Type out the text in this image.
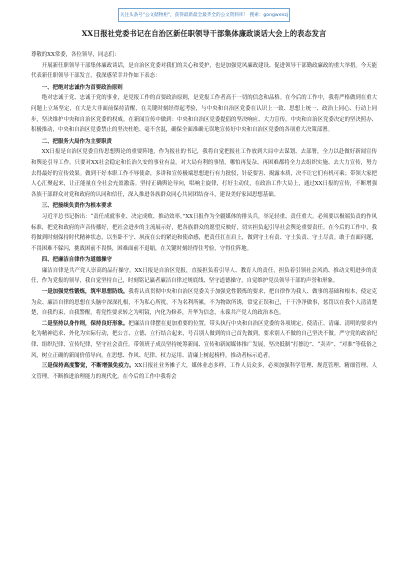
关注头条号"公文储物柜"，获得最新最全最齐全的公文资料库！ 搜索：gongwenzj
XX日报社党委书记在自治区新任职领导干部集体廉政谈话大会上的表态发言

尊敬的XX常委，各位领导，同志们：

开展新任职领导干部集体廉政谈话，是自治区党委对我们的关心和爱护，也是加强党风廉政建设、促进领导干部勤政廉政的重大举措。今天能代表新任职领导干部发言，我深感荣幸并作如下表态：

一、把绝对忠诚作为首要政治原则

绝对忠诚于党、忠诚于党的事业，是党报工作的首要政治原则，是党报工作者高于一切的信念和品格。在今后的工作中，我将严格做到在重大问题上立场坚定，在大是大非面前保持清醒，在关键时刻经得起考验，与中央和自治区党委在认识上一致、思想上统一、政治上同心、行动上同步，坚决维护中央和自治区党委的权威。在新闻宣传中做到：中央和自治区党委提倡的坚决响应、大力宣传，中央和自治区党委决定的坚决照办、积极推动，中央和自治区党委禁止的坚决杜绝、毫不含混，确保全面准确无误地宣传好中央和自治区党委的各项重大决策部署。

二、把服务大局作为主要职责

XX日报是自治区党委宣传思想舆论的重要阵地，作为报社的书记，我将自觉把报社工作放到大局中去谋划、去部署，全力以赴做好新闻宣传和舆论引导工作。只要对XX社会稳定和长治久安的事业有益，对大局有利的事情，哪怕再复杂、再困难都将全力去组织实施、去大力宣传，努力去得最好的宣传效果。做到干好本职工作不辱使命，多讲和宣传极端思想进行有力批驳，针砭要害、揭露本质，决不让它们有机可乘；带领大家把人心汇聚起来，让正能量在全社会充盈激荡。坚持正确舆论导向，唱响主旋律，打好主动仗，在政治工作大局上，通过XX日报的宣传，不断增强各族干部群众对党和政府的认同和信任，深入推进各族群众同心共同团结奋斗，建设美好家园思想基础。

三、把接续负责作为根本要求

习近平总书记指出：“责任成就事业、决定成败、推动效率。”XX日报作为全疆媒体的排头兵，举足轻重、责任重大。必须要以极端负责的作风标准，把党和政府的声音传播好，把社会进步的主流展示好，把各族群众的愿望反映好，切实担负起引导社会舆论重要责任。在今后的工作中，我将做到时刻保持时代精神状态，以坐卧不宁、夙夜在公的紧迫和使命感，把责任扛在肩上，做到守土有责、守土负责、守土尽责。敢于直面问题，不畏困难不躲闪，挑战困前不畏惧，困难面前不退缩，在关键时刻经得住考验，守得住阵地。

四、把廉洁自律作为道德操守

廉洁自律是共产党人崇高的品行操守。XX日报是自治区党报，直接担负着引导人、教育人的责任，担负着引领社会风尚、推动文明进步的责任，作为党报的领导，我自觉坚持自己，时刻铭记赢者廉洁自律过规底线、坚守道德操守，自觉维护党员领导干部的声誉和形象。

一是加强党性锻炼，筑牢思想防线。我将认真贯彻中央和自治区党委关于加强党性锻炼的要求，把自律作为我人、做事的基础和根本，使定克为众、廉洁自律的思想在头脑中深深扎根，不为私心所扰，不为名利所累，不为物欲所诱，常觉正误和己，干干净净做事，惩罚以在我个人清清楚楚，自我约束，自我警醒，将党性要求转之为明镜，内化为修养，升华为信念，永葆共产党人的政治本色。

二是坚持以身作则，保持良好形象。把廉洁自律摆在更加重要的位置，带头执行中央和自治区党委的各项规定，使清正、清廉、清明的要求内化为精神追求、外化为实际行动，把公言、立德、立行结合起来，号召别人做到的自己首先做到，要求别人不做的自己坚决不做。严守党的政治纪律、组织纪律、宣传纪律，坚守社会责任。带领班子成员坚持统筹新闻、宣传和新闻媒体推广发展，坚决抵制“打擦边”、“卖弄”、“对准”等低俗之风，树立正确的新闻价值导向，在思想、作风、纪律、权力运用、清廉上树起榜样，推动者标示追者。

三是保持高度警觉，不断增强免疫力。XX日报社业务摊子大，媒体业态多样，工作人员众多，必须加强科学管理、规范管理、精细管理、人文管理，不断推进治理能力的现代化。在今后的工作中我将会
